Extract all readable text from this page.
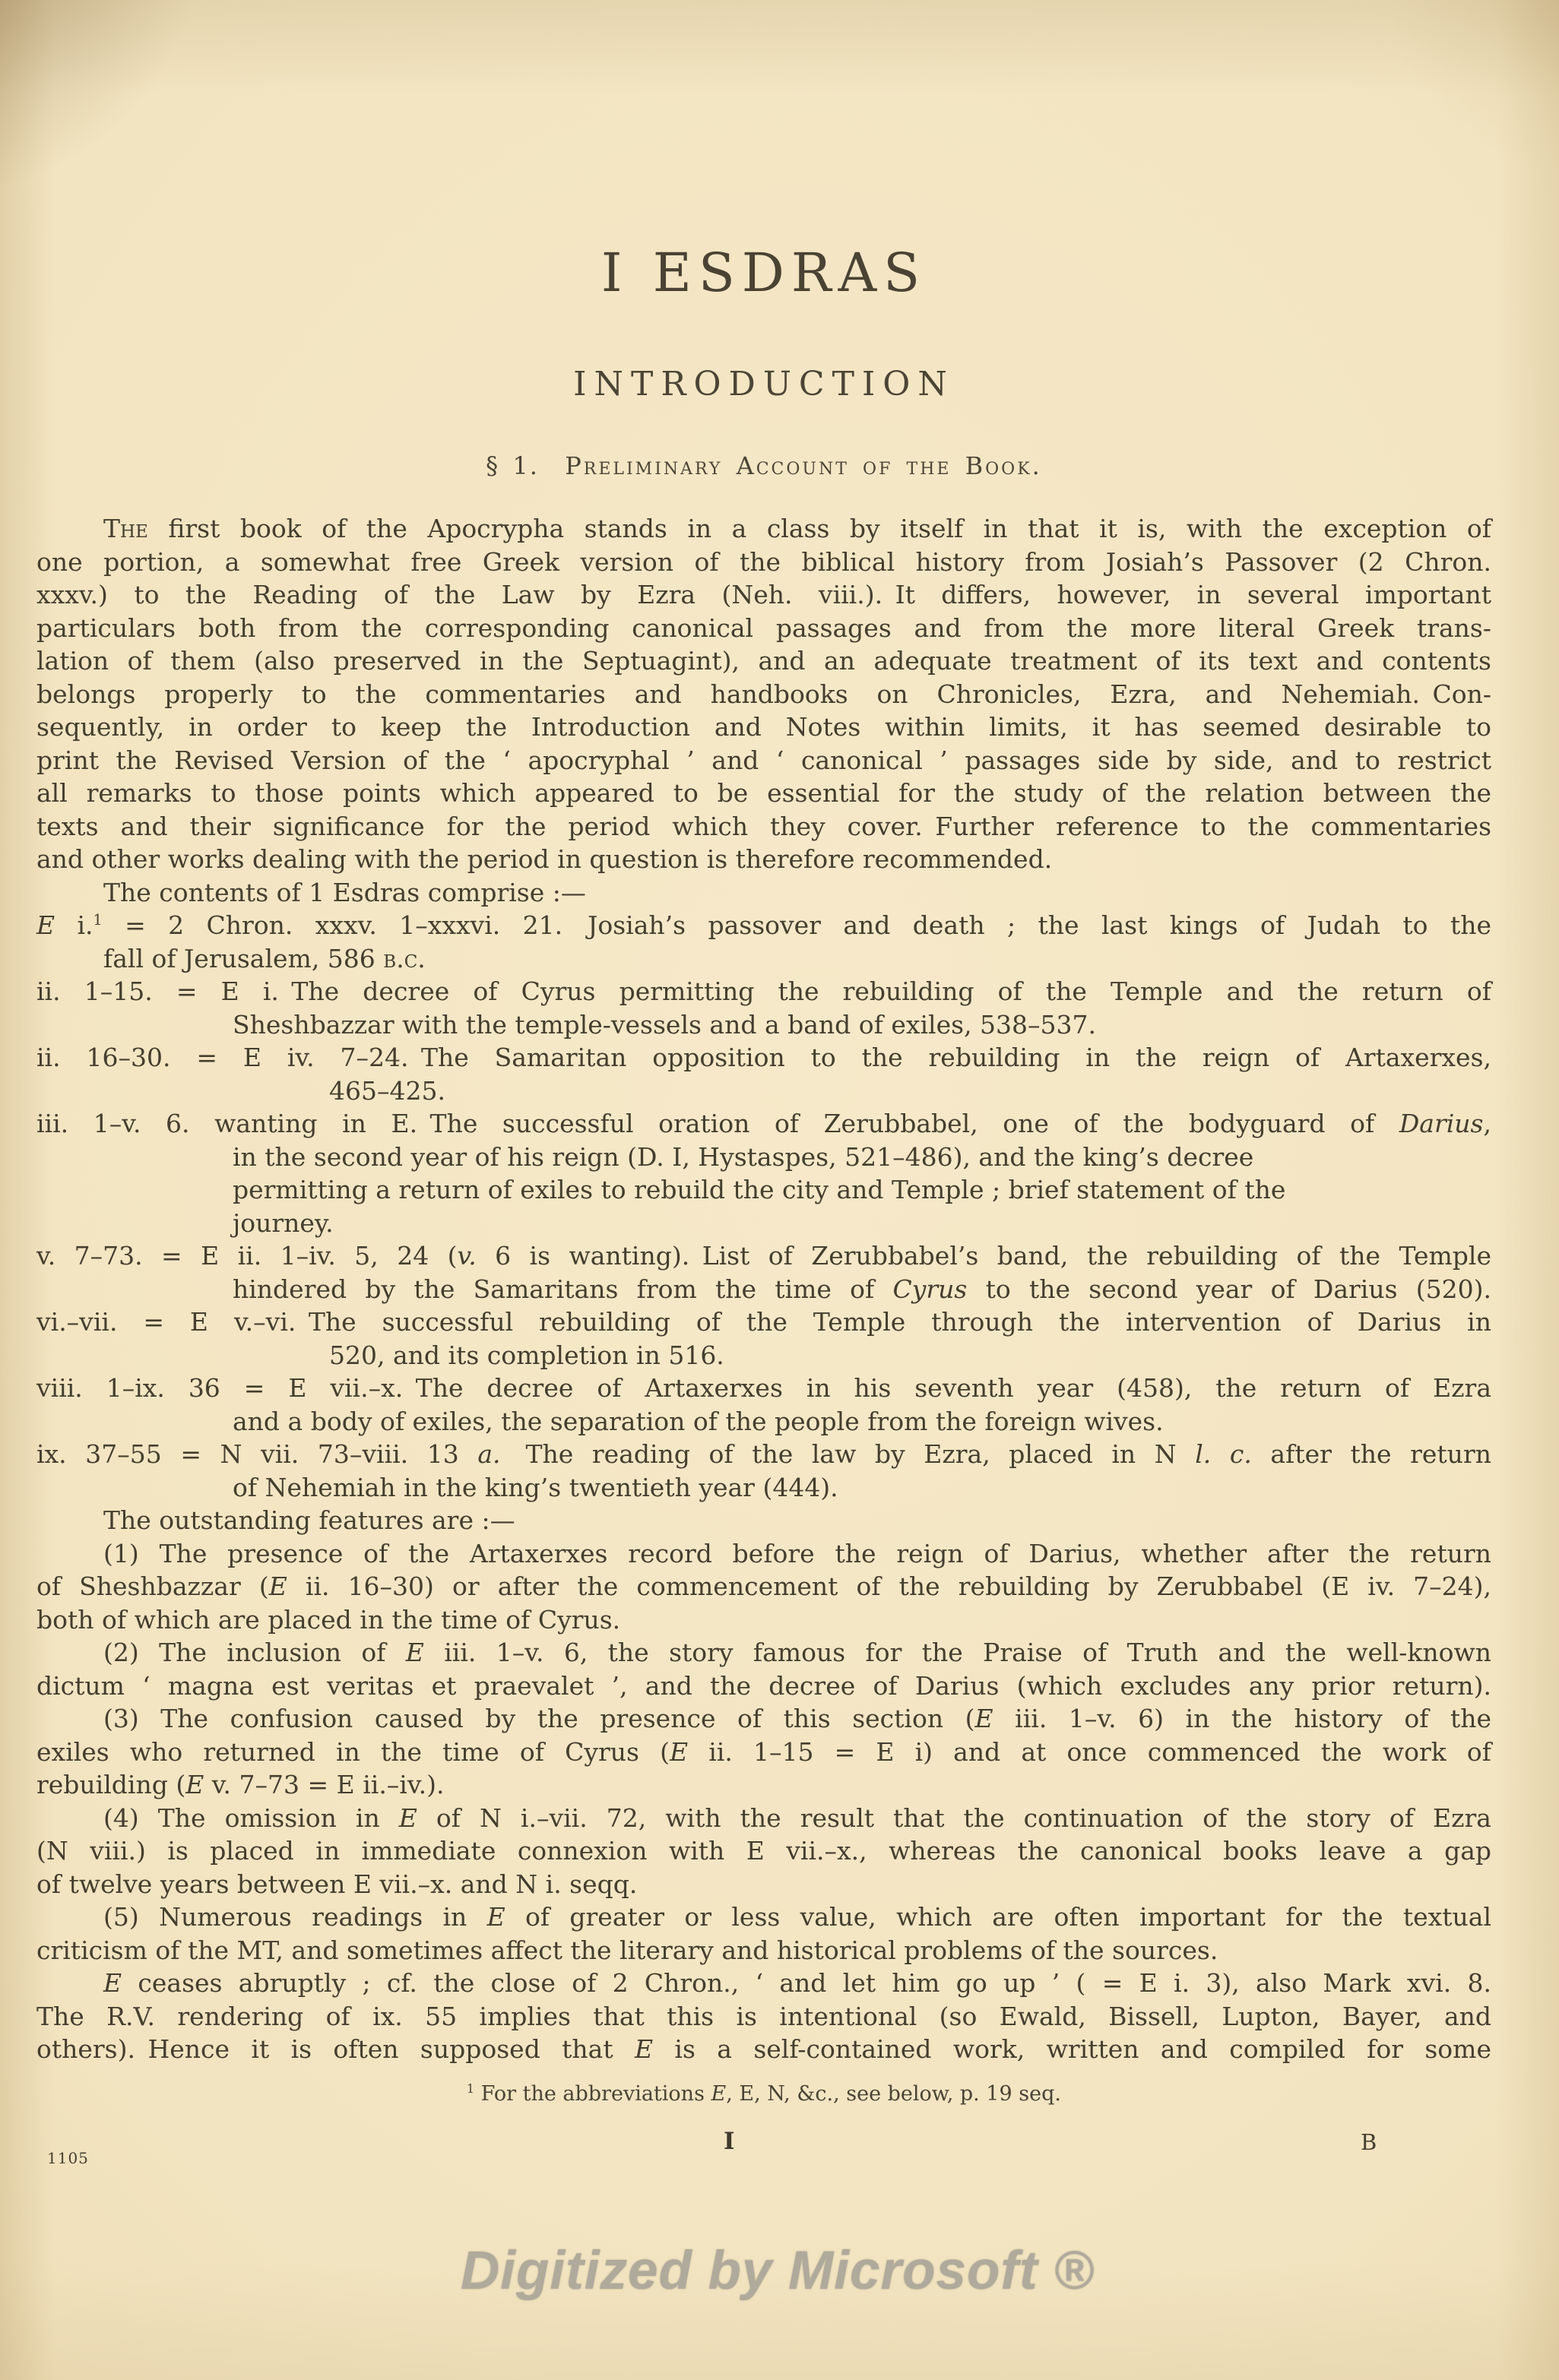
I ESDRAS
INTRODUCTION
§ 1. Preliminary Account of the Book.
The first book of the Apocrypha stands in a class by itself in that it is, with the exception of
one portion, a somewhat free Greek version of the biblical history from Josiah’s Passover (2 Chron.
xxxv.) to the Reading of the Law by Ezra (Neh. viii.). It differs, however, in several important
particulars both from the corresponding canonical passages and from the more literal Greek trans-
lation of them (also preserved in the Septuagint), and an adequate treatment of its text and contents
belongs properly to the commentaries and handbooks on Chronicles, Ezra, and Nehemiah. Con-
sequently, in order to keep the Introduction and Notes within limits, it has seemed desirable to
print the Revised Version of the ‘ apocryphal ’ and ‘ canonical ’ passages side by side, and to restrict
all remarks to those points which appeared to be essential for the study of the relation between the
texts and their significance for the period which they cover. Further reference to the commentaries
and other works dealing with the period in question is therefore recommended.
The contents of 1 Esdras comprise :—
E i.$^1$ = 2 Chron. xxxv. 1–xxxvi. 21.  Josiah’s passover and death ; the last kings of Judah to the
fall of Jerusalem, 586 b.c.
ii. 1–15. = E i. The decree of Cyrus permitting the rebuilding of the Temple and the return of
Sheshbazzar with the temple-vessels and a band of exiles, 538–537.
ii. 16–30. = E iv. 7–24. The Samaritan opposition to the rebuilding in the reign of Artaxerxes,
465–425.
iii. 1–v. 6. wanting in E. The successful oration of Zerubbabel, one of the bodyguard of Darius,
in the second year of his reign (D. I, Hystaspes, 521–486), and the king’s decree
permitting a return of exiles to rebuild the city and Temple ; brief statement of the
journey.
v. 7–73. = E ii. 1–iv. 5, 24 (v. 6 is wanting). List of Zerubbabel’s band, the rebuilding of the Temple
hindered by the Samaritans from the time of Cyrus to the second year of Darius (520).
vi.–vii. = E v.–vi. The successful rebuilding of the Temple through the intervention of Darius in
520, and its completion in 516.
viii. 1–ix. 36 = E vii.–x. The decree of Artaxerxes in his seventh year (458), the return of Ezra
and a body of exiles, the separation of the people from the foreign wives.
ix. 37–55 = N vii. 73–viii. 13 a.  The reading of the law by Ezra, placed in N l. c. after the return
of Nehemiah in the king’s twentieth year (444).
The outstanding features are :—
(1) The presence of the Artaxerxes record before the reign of Darius, whether after the return
of Sheshbazzar (E ii. 16–30) or after the commencement of the rebuilding by Zerubbabel (E iv. 7–24),
both of which are placed in the time of Cyrus.
(2) The inclusion of E iii. 1–v. 6, the story famous for the Praise of Truth and the well-known
dictum ‘ magna est veritas et praevalet ’, and the decree of Darius (which excludes any prior return).
(3) The confusion caused by the presence of this section (E iii. 1–v. 6) in the history of the
exiles who returned in the time of Cyrus (E ii. 1–15 = E i) and at once commenced the work of
rebuilding (E v. 7–73 = E ii.–iv.).
(4) The omission in E of N i.–vii. 72, with the result that the continuation of the story of Ezra
(N viii.) is placed in immediate connexion with E vii.–x., whereas the canonical books leave a gap
of twelve years between E vii.–x. and N i. seqq.
(5) Numerous readings in E of greater or less value, which are often important for the textual
criticism of the MT, and sometimes affect the literary and historical problems of the sources.
E ceases abruptly ; cf. the close of 2 Chron., ‘ and let him go up ’ ( = E i. 3), also Mark xvi. 8.
The R.V. rendering of ix. 55 implies that this is intentional (so Ewald, Bissell, Lupton, Bayer, and
others). Hence it is often supposed that E is a self-contained work, written and compiled for some
$^1$ For the abbreviations E, E, N, &c., see below, p. 19 seq.
1105
I	B
Digitized by Microsoft ®
